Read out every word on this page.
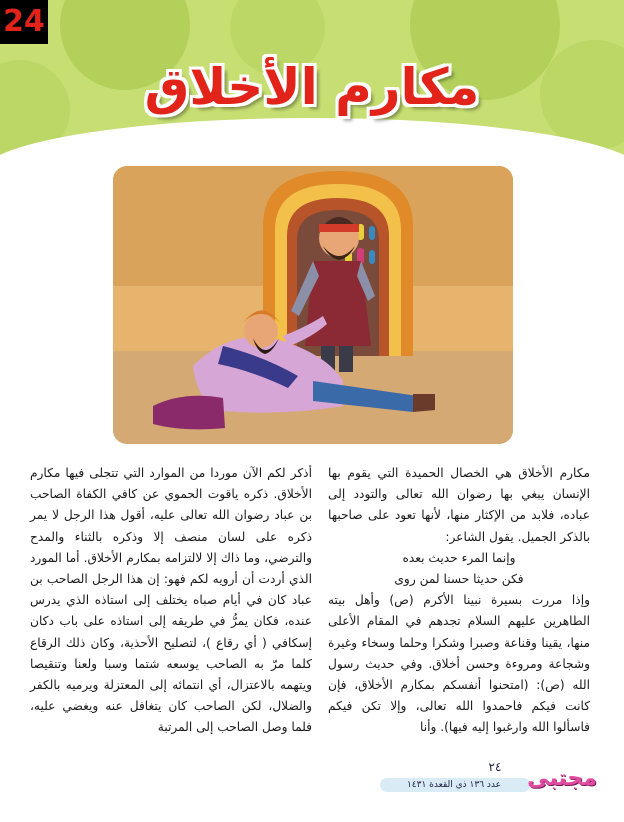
24
مكارم الأخلاق

مكارم الأخلاق هي الخصال الحميدة التي يقوم بها الإنسان يبغي بها رضوان الله تعالى والتودد إلى عباده، فلابد من الإكثار منها، لأنها تعود على صاحبها بالذكر الجميل. يقول الشاعر:

وإنما المرء حديث بعده

فكن حديثا حسنا لمن روى

وإذا مررت بسيرة نبينا الأكرم (ص) وأهل بيته الطاهرين عليهم السلام تجدهم في المقام الأعلى منها، يقينا وقناعة وصبرا وشكرا وحلما وسخاء وغيرة وشجاعة ومروءة وحسن أخلاق. وفي حديث رسول الله (ص): (امتحنوا أنفسكم بمكارم الأخلاق، فإن كانت فيكم فاحمدوا الله تعالى، وإلا تكن فيكم فاسألوا الله وارغبوا إليه فيها). وأنا

أذكر لكم الآن موردا من الموارد التي تتجلى فيها مكارم الأخلاق. ذكره ياقوت الحموي عن كافي الكفاة الصاحب بن عباد رضوان الله تعالى عليه، أقول هذا الرجل لا يمر ذكره على لسان منصف إلا وذكره بالثناء والمدح والترضي، وما ذاك إلا لالتزامه بمكارم الأخلاق. أما المورد الذي أردت أن أرويه لكم فهو: إن هذا الرجل الصاحب بن عباد كان في أيام صباه يختلف إلى استاذه الذي يدرس عنده، فكان يمرُّ في طريقه إلى استاذه على باب دكان إسكافي ( أي رقاع )، لتصليح الأحذية، وكان ذلك الرقاع كلما مرّ به الصاحب يوسعه شتما وسبا ولعنا وتنقيصا ويتهمه بالاعتزال، أي انتمائه إلى المعتزلة ويرميه بالكفر والضلال، لكن الصاحب كان يتغافل عنه ويغضي عليه، فلما وصل الصاحب إلى المرتبة

٢٤
عدد ١٣٦ ذي القعدة ١٤٣١	مجتبى
